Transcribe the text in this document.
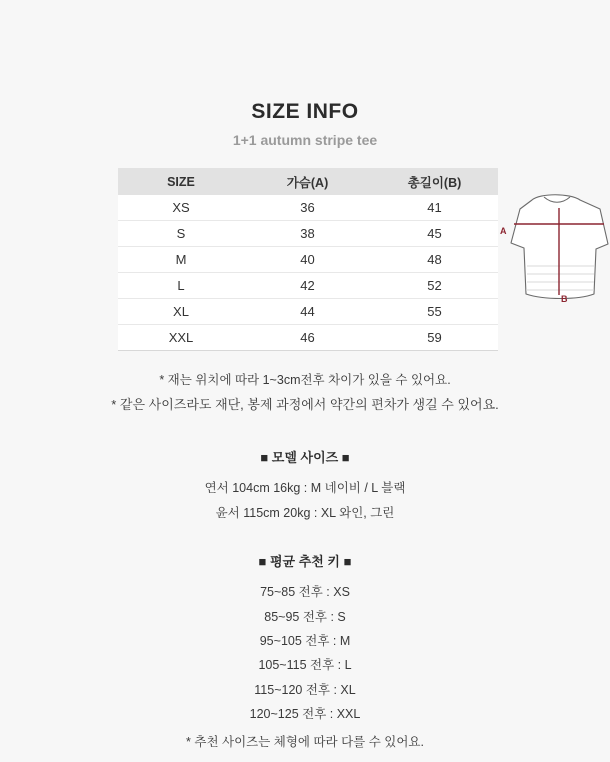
SIZE INFO

1+1 autumn stripe tee

SIZE	가슴(A)	총길이(B)
XS	36	41
S	38	45
M	40	48
L	42	52
XL	44	55
XXL	46	59
A
B
* 재는 위치에 따라 1~3cm전후 차이가 있을 수 있어요.
* 같은 사이즈라도 재단, 봉제 과정에서 약간의 편차가 생길 수 있어요.
■ 모델 사이즈 ■
연서 104cm 16kg : M 네이비 / L 블랙
윤서 115cm 20kg : XL 와인, 그린
■ 평균 추천 키 ■
75~85 전후 : XS
85~95 전후 : S
95~105 전후 : M
105~115 전후 : L
115~120 전후 : XL
120~125 전후 : XXL
* 추천 사이즈는 체형에 따라 다를 수 있어요.
